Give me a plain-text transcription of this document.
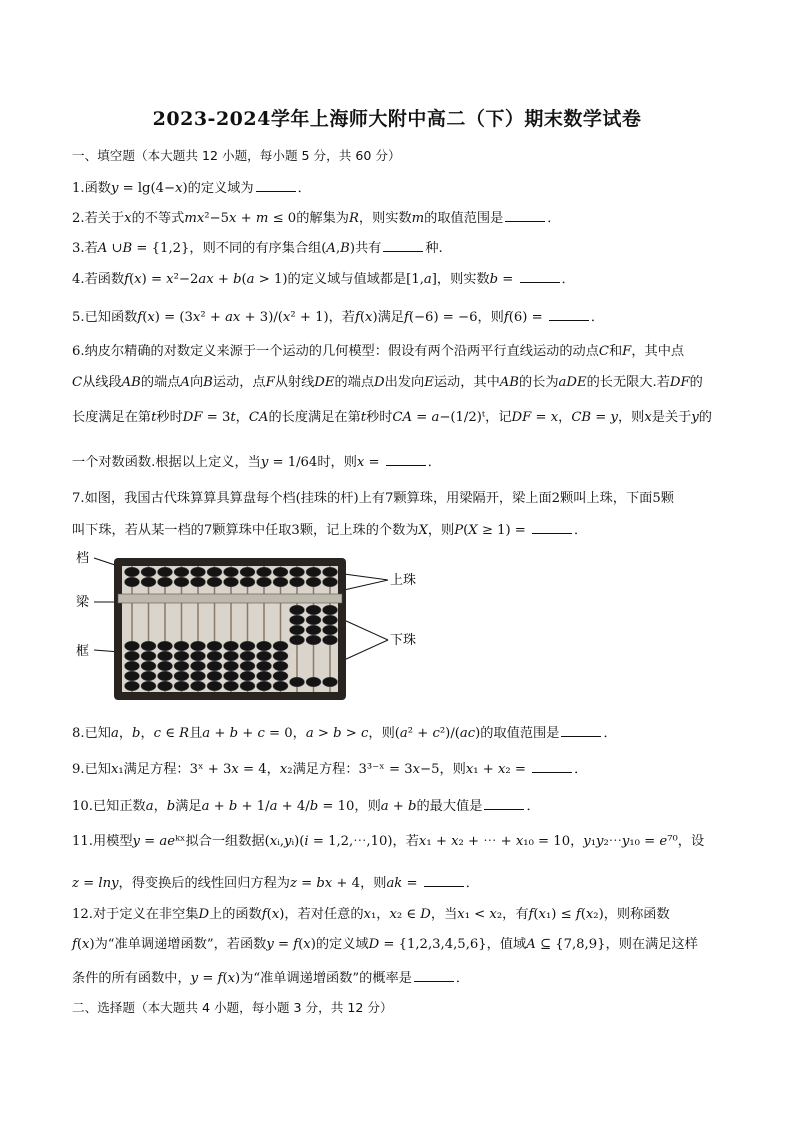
2023-2024学年上海师大附中高二（下）期末数学试卷
一、填空题（本大题共 12 小题，每小题 5 分，共 60 分）
1.函数𝑦 = lg(4−𝑥)的定义域为	．
2.若关于𝑥的不等式𝑚𝑥²−5𝑥 + 𝑚 ≤ 0的解集为𝑅，则实数𝑚的取值范围是	．
3.若𝐴 ∪𝐵 = {1,2}，则不同的有序集合组(𝐴,𝐵)共有	种.
4.若函数𝑓(𝑥) = 𝑥²−2𝑎𝑥 + 𝑏(𝑎 > 1)的定义域与值域都是[1,𝑎]，则实数𝑏 =	．
5.已知函数𝑓(𝑥) = (3𝑥² + 𝑎𝑥 + 3)/(𝑥² + 1)，若𝑓(𝑥)满足𝑓(−6) = −6，则𝑓(6) =	．
6.纳皮尔精确的对数定义来源于一个运动的几何模型：假设有两个沿两平行直线运动的动点𝐶和𝐹，其中点
𝐶从线段𝐴𝐵的端点𝐴向𝐵运动，点𝐹从射线𝐷𝐸的端点𝐷出发向𝐸运动，其中𝐴𝐵的长为𝑎𝐷𝐸的长无限大.若𝐷𝐹的
长度满足在第𝑡秒时𝐷𝐹 = 3𝑡，𝐶𝐴的长度满足在第𝑡秒时𝐶𝐴 = 𝑎−(1/2)ᵗ，记𝐷𝐹 = 𝑥，𝐶𝐵 = 𝑦，则𝑥是关于𝑦的
一个对数函数.根据以上定义，当𝑦 = 1/64时，则𝑥 =	．
7.如图，我国古代珠算算具算盘每个档(挂珠的杆)上有7颗算珠，用梁隔开，梁上面2颗叫上珠，下面5颗
叫下珠，若从某一档的7颗算珠中任取3颗，记上珠的个数为𝑋，则𝑃(𝑋 ≥ 1) =	．
档
梁
框
上珠
下珠
8.已知𝑎，𝑏，𝑐 ∈ 𝑅且𝑎 + 𝑏 + 𝑐 = 0，𝑎 > 𝑏 > 𝑐，则(𝑎² + 𝑐²)/(𝑎𝑐)的取值范围是	．
9.已知𝑥₁满足方程：3ˣ + 3𝑥 = 4，𝑥₂满足方程：3³⁻ˣ = 3𝑥−5，则𝑥₁ + 𝑥₂ =	．
10.已知正数𝑎，𝑏满足𝑎 + 𝑏 + 1/𝑎 + 4/𝑏 = 10，则𝑎 + 𝑏的最大值是	．
11.用模型𝑦 = 𝑎𝑒ᵏˣ拟合一组数据(𝑥ᵢ,𝑦ᵢ)(𝑖 = 1,2,⋯,10)，若𝑥₁ + 𝑥₂ + ⋯ + 𝑥₁₀ = 10，𝑦₁𝑦₂⋯𝑦₁₀ = 𝑒⁷⁰，设
𝑧 = 𝑙𝑛𝑦，得变换后的线性回归方程为𝑧 = 𝑏𝑥 + 4，则𝑎𝑘 =	．
12.对于定义在非空集𝐷上的函数𝑓(𝑥)，若对任意的𝑥₁，𝑥₂ ∈ 𝐷，当𝑥₁ < 𝑥₂，有𝑓(𝑥₁) ≤ 𝑓(𝑥₂)，则称函数
𝑓(𝑥)为“准单调递增函数”，若函数𝑦 = 𝑓(𝑥)的定义域𝐷 = {1,2,3,4,5,6}，值域𝐴 ⊆ {7,8,9}，则在满足这样
条件的所有函数中，𝑦 = 𝑓(𝑥)为“准单调递增函数”的概率是	．
二、选择题（本大题共 4 小题，每小题 3 分，共 12 分）
